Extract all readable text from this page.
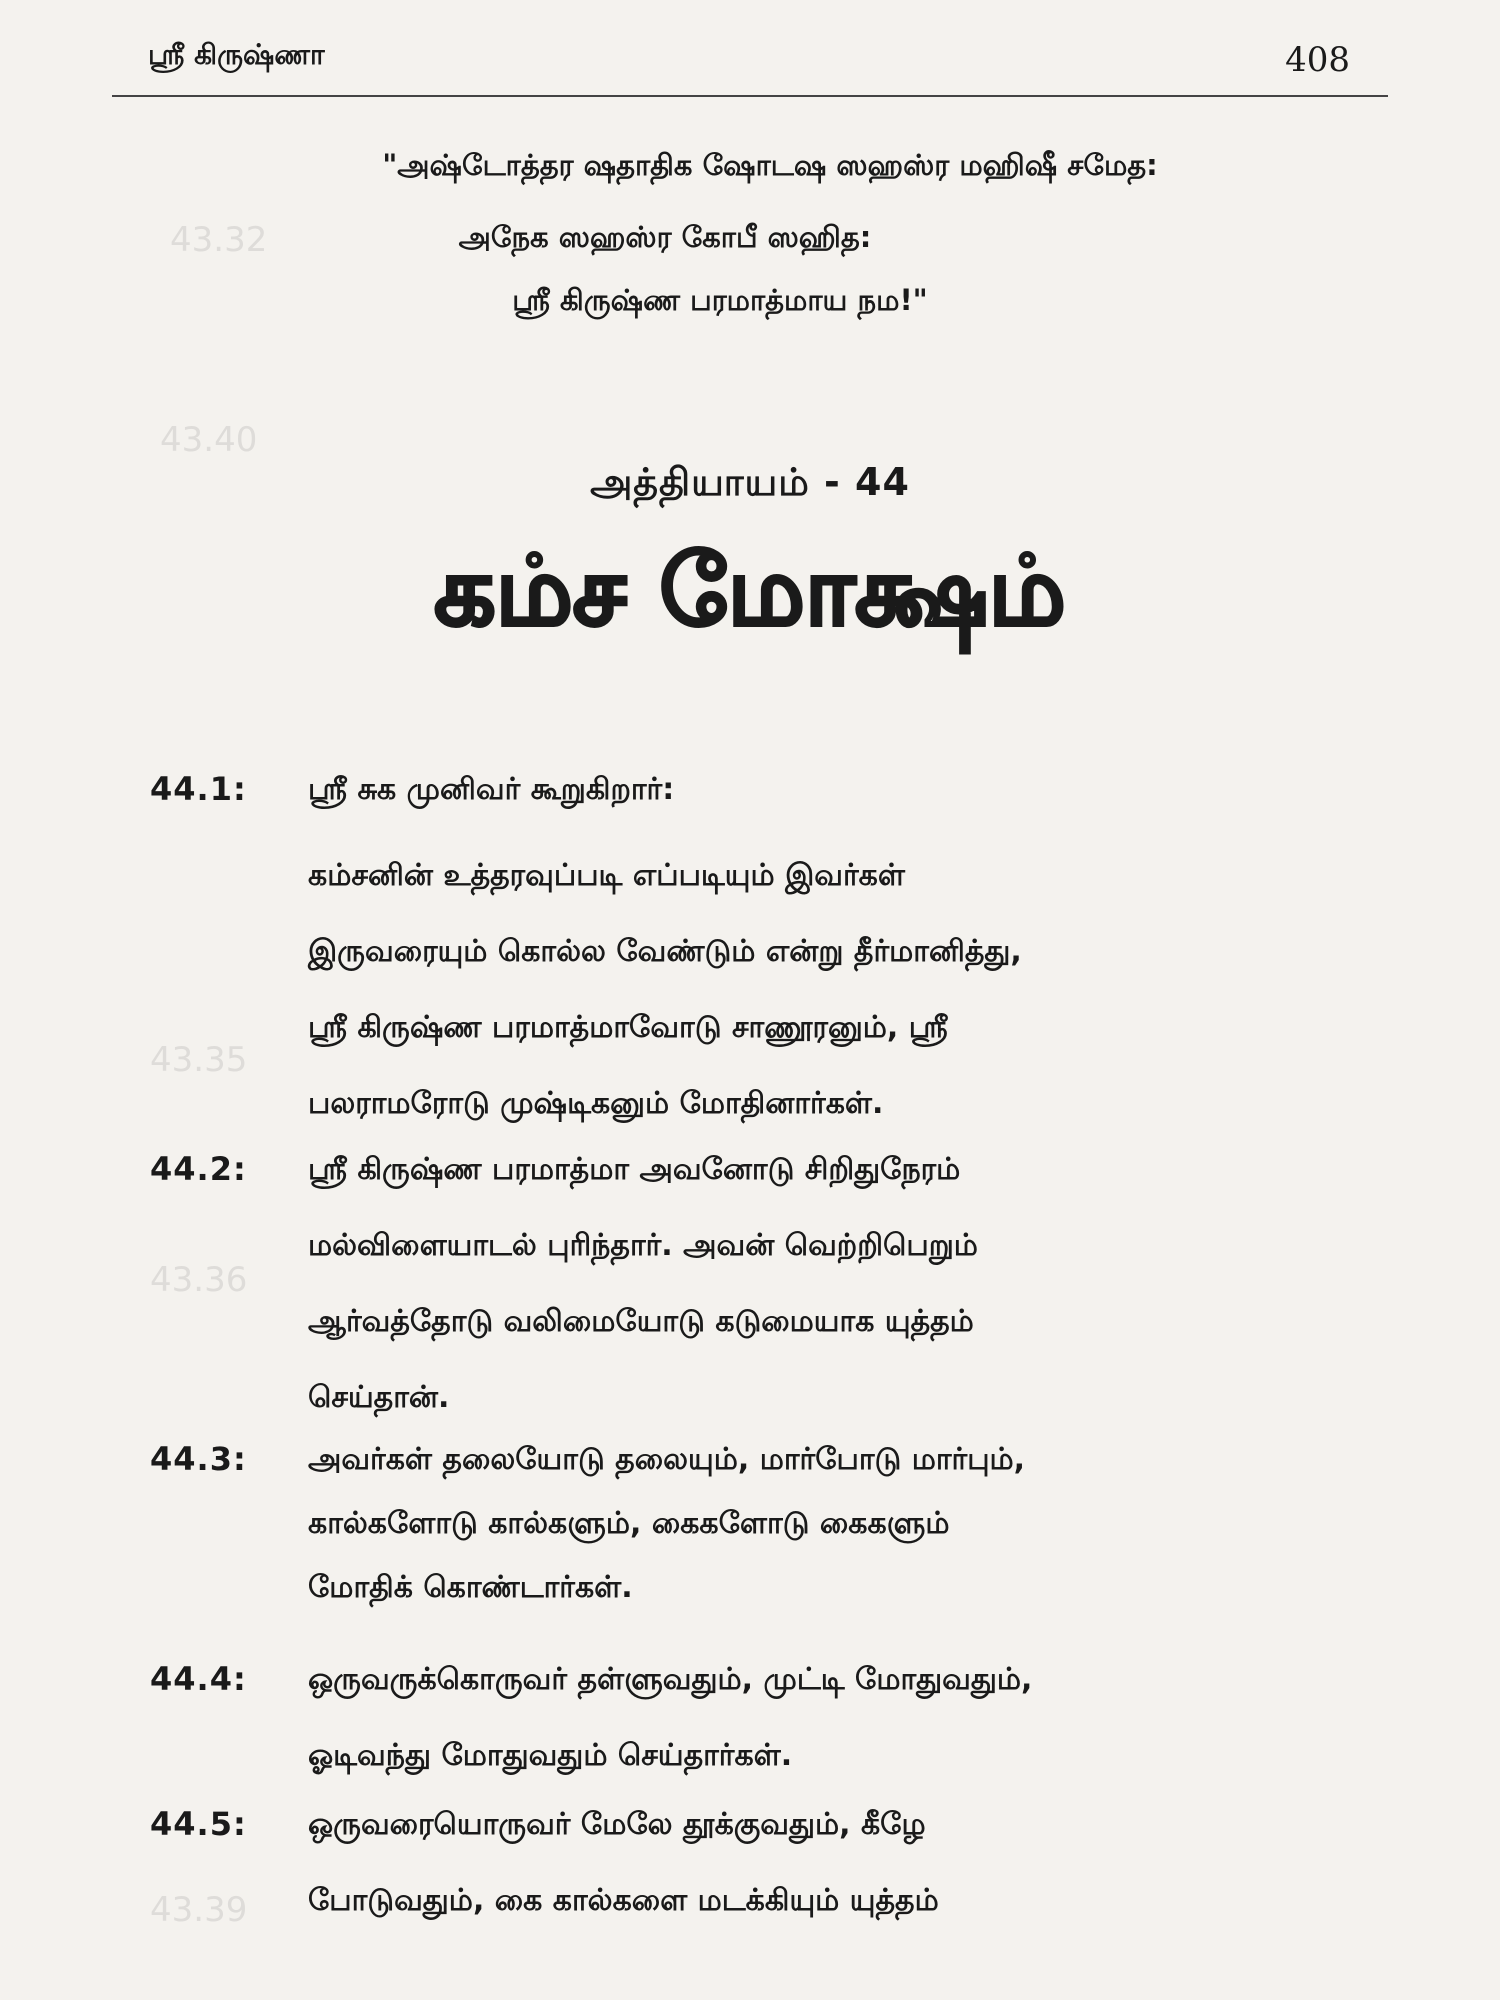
43.32
43.40
43.35
43.36
43.39
ஸ்ரீ கிருஷ்ணா	408
"அஷ்டோத்தர ஷதாதிக ஷோடஷ ஸஹஸ்ர மஹிஷீ சமேத:
அநேக ஸஹஸ்ர கோபீ ஸஹித:
ஸ்ரீ கிருஷ்ண பரமாத்மாய நம!"
அத்தியாயம் - 44
கம்ச மோக்ஷம்
44.1: ஸ்ரீ சுக முனிவர் கூறுகிறார்:
கம்சனின் உத்தரவுப்படி எப்படியும் இவர்கள்
இருவரையும் கொல்ல வேண்டும் என்று தீர்மானித்து,
ஸ்ரீ கிருஷ்ண பரமாத்மாவோடு சாணூரனும், ஸ்ரீ
பலராமரோடு முஷ்டிகனும் மோதினார்கள்.
44.2: ஸ்ரீ கிருஷ்ண பரமாத்மா அவனோடு சிறிதுநேரம்
மல்விளையாடல் புரிந்தார். அவன் வெற்றிபெறும்
ஆர்வத்தோடு வலிமையோடு கடுமையாக யுத்தம்
செய்தான்.
44.3: அவர்கள் தலையோடு தலையும், மார்போடு மார்பும்,
கால்களோடு கால்களும், கைகளோடு கைகளும்
மோதிக் கொண்டார்கள்.
44.4: ஒருவருக்கொருவர் தள்ளுவதும், முட்டி மோதுவதும்,
ஓடிவந்து மோதுவதும் செய்தார்கள்.
44.5: ஒருவரையொருவர் மேலே தூக்குவதும், கீழே
போடுவதும், கை கால்களை மடக்கியும் யுத்தம்
